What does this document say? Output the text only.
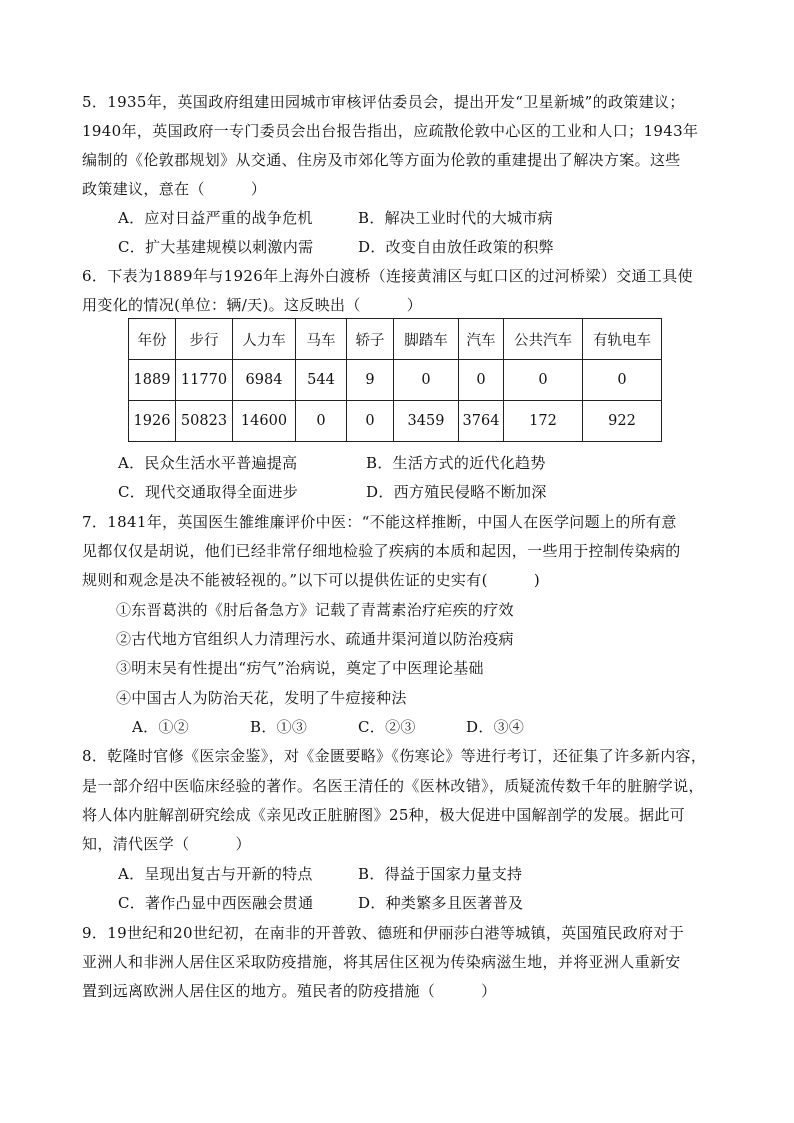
5．1935年，英国政府组建田园城市审核评估委员会，提出开发“卫星新城”的政策建议；
1940年，英国政府一专门委员会出台报告指出，应疏散伦敦中心区的工业和人口；1943年
编制的《伦敦郡规划》从交通、住房及市郊化等方面为伦敦的重建提出了解决方案。这些
政策建议，意在（　　　）
A．应对日益严重的战争危机	B．解决工业时代的大城市病
C．扩大基建规模以刺激内需	D．改变自由放任政策的积弊
6．下表为1889年与1926年上海外白渡桥（连接黄浦区与虹口区的过河桥梁）交通工具使
用变化的情况(单位：辆/天)。这反映出（　　　）
年份	步行	人力车	马车	轿子	脚踏车	汽车	公共汽车	有轨电车
1889	11770	6984	544	9	0	0	0	0
1926	50823	14600	0	0	3459	3764	172	922
A．民众生活水平普遍提高	B．生活方式的近代化趋势
C．现代交通取得全面进步	D．西方殖民侵略不断加深
7．1841年，英国医生雒维廉评价中医：“不能这样推断，中国人在医学问题上的所有意
见都仅仅是胡说，他们已经非常仔细地检验了疾病的本质和起因，一些用于控制传染病的
规则和观念是决不能被轻视的。”以下可以提供佐证的史实有(　　　)
①东晋葛洪的《肘后备急方》记载了青蒿素治疗疟疾的疗效
②古代地方官组织人力清理污水、疏通井渠河道以防治疫病
③明末吴有性提出“疠气”治病说，奠定了中医理论基础
④中国古人为防治天花，发明了牛痘接种法
A．①②	B．①③	C．②③	D．③④
8．乾隆时官修《医宗金鉴》，对《金匮要略》《伤寒论》等进行考订，还征集了许多新内容，
是一部介绍中医临床经验的著作。名医王清任的《医林改错》，质疑流传数千年的脏腑学说，
将人体内脏解剖研究绘成《亲见改正脏腑图》25种，极大促进中国解剖学的发展。据此可
知，清代医学（　　　）
A．呈现出复古与开新的特点	B．得益于国家力量支持
C．著作凸显中西医融会贯通	D．种类繁多且医著普及
9．19世纪和20世纪初，在南非的开普敦、德班和伊丽莎白港等城镇，英国殖民政府对于
亚洲人和非洲人居住区采取防疫措施，将其居住区视为传染病滋生地，并将亚洲人重新安
置到远离欧洲人居住区的地方。殖民者的防疫措施（　　　）
